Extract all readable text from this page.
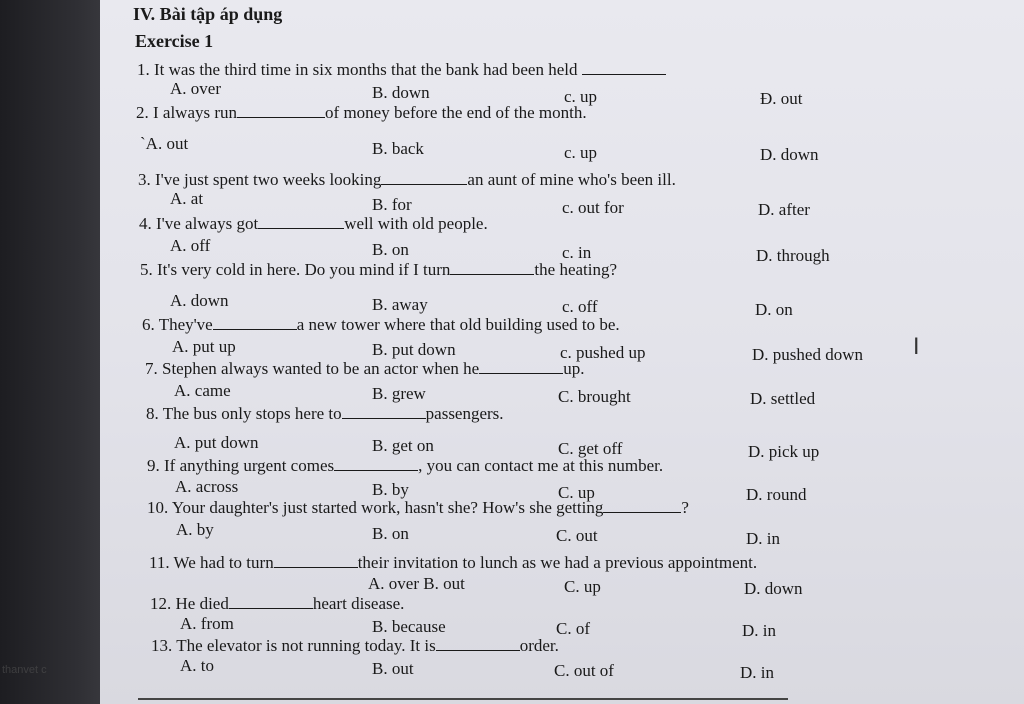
thanvet c
IV. Bài tập áp dụng
Exercise 1
1. It was the third time in six months that the bank had been held
A. over	B. down	c. up	Đ. out
2. I always run	of money before the end of the month.
`A. out	B. back	c. up	D. down
3. I've just spent two weeks looking	an aunt of mine who's been ill.
A. at	B. for	c. out for	D. after
4. I've always got	well with old people.
A. off	B. on	c. in	D. through
5. It's very cold in here. Do you mind if I turn	the heating?
A. down	B. away	c. off	D. on
6. They've	a new tower where that old building used to be.
A. put up	B. put down	c. pushed up	D. pushed down
7. Stephen always wanted to be an actor when he	up.
A. came	B. grew	C. brought	D. settled
8. The bus only stops here to	passengers.
A. put down	B. get on	C. get off	D. pick up
9. If anything urgent comes	, you can contact me at this number.
A. across	B. by	C. up	D. round
10. Your daughter's just started work, hasn't she? How's she getting	?
A. by	B. on	C. out	D. in
11. We had to turn	their invitation to lunch as we had a previous appointment.
A. over B. out	C. up	D. down
12. He died	heart disease.
A. from	B. because	C. of	D. in
13. The elevator is not running today. It is	order.
A. to	B. out	C. out of	D. in
I
